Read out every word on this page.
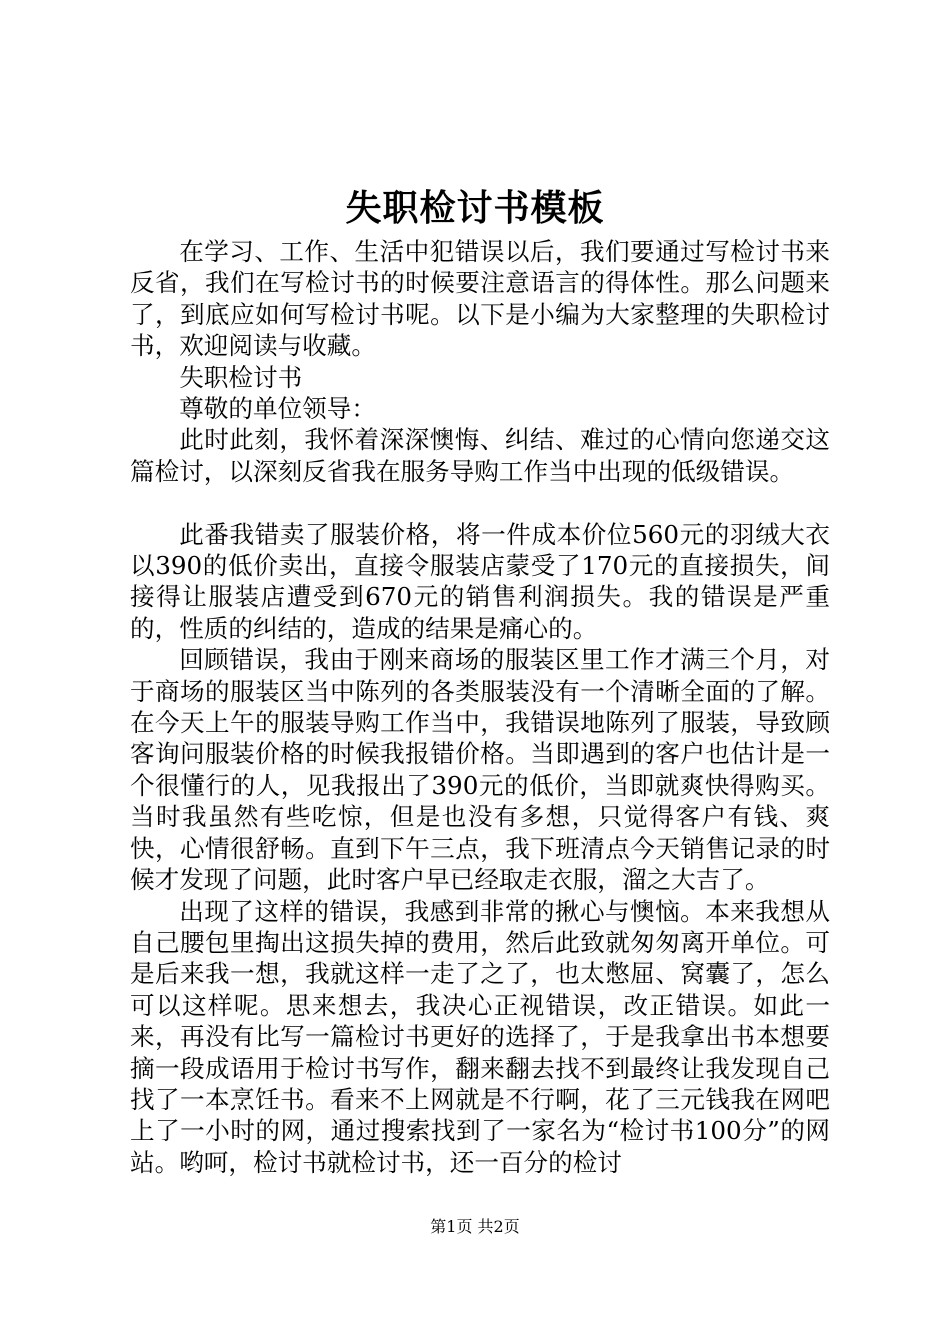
失职检讨书模板

在学习、工作、生活中犯错误以后，我们要通过写检讨书来反省，我们在写检讨书的时候要注意语言的得体性。那么问题来了，到底应如何写检讨书呢。以下是小编为大家整理的失职检讨书，欢迎阅读与收藏。

失职检讨书

尊敬的单位领导：

此时此刻，我怀着深深懊悔、纠结、难过的心情向您递交这篇检讨，以深刻反省我在服务导购工作当中出现的低级错误。

此番我错卖了服装价格，将一件成本价位560元的羽绒大衣以390的低价卖出，直接令服装店蒙受了170元的直接损失，间接得让服装店遭受到670元的销售利润损失。我的错误是严重的，性质的纠结的，造成的结果是痛心的。

回顾错误，我由于刚来商场的服装区里工作才满三个月，对于商场的服装区当中陈列的各类服装没有一个清晰全面的了解。在今天上午的服装导购工作当中，我错误地陈列了服装，导致顾客询问服装价格的时候我报错价格。当即遇到的客户也估计是一个很懂行的人，见我报出了390元的低价，当即就爽快得购买。当时我虽然有些吃惊，但是也没有多想，只觉得客户有钱、爽快，心情很舒畅。直到下午三点，我下班清点今天销售记录的时候才发现了问题，此时客户早已经取走衣服，溜之大吉了。

出现了这样的错误，我感到非常的揪心与懊恼。本来我想从自己腰包里掏出这损失掉的费用，然后此致就匆匆离开单位。可是后来我一想，我就这样一走了之了，也太憋屈、窝囊了，怎么可以这样呢。思来想去，我决心正视错误，改正错误。如此一来，再没有比写一篇检讨书更好的选择了，于是我拿出书本想要摘一段成语用于检讨书写作，翻来翻去找不到最终让我发现自己找了一本烹饪书。看来不上网就是不行啊，花了三元钱我在网吧上了一小时的网，通过搜索找到了一家名为“检讨书100分”的网站。哟呵，检讨书就检讨书，还一百分的检讨

第1页 共2页
